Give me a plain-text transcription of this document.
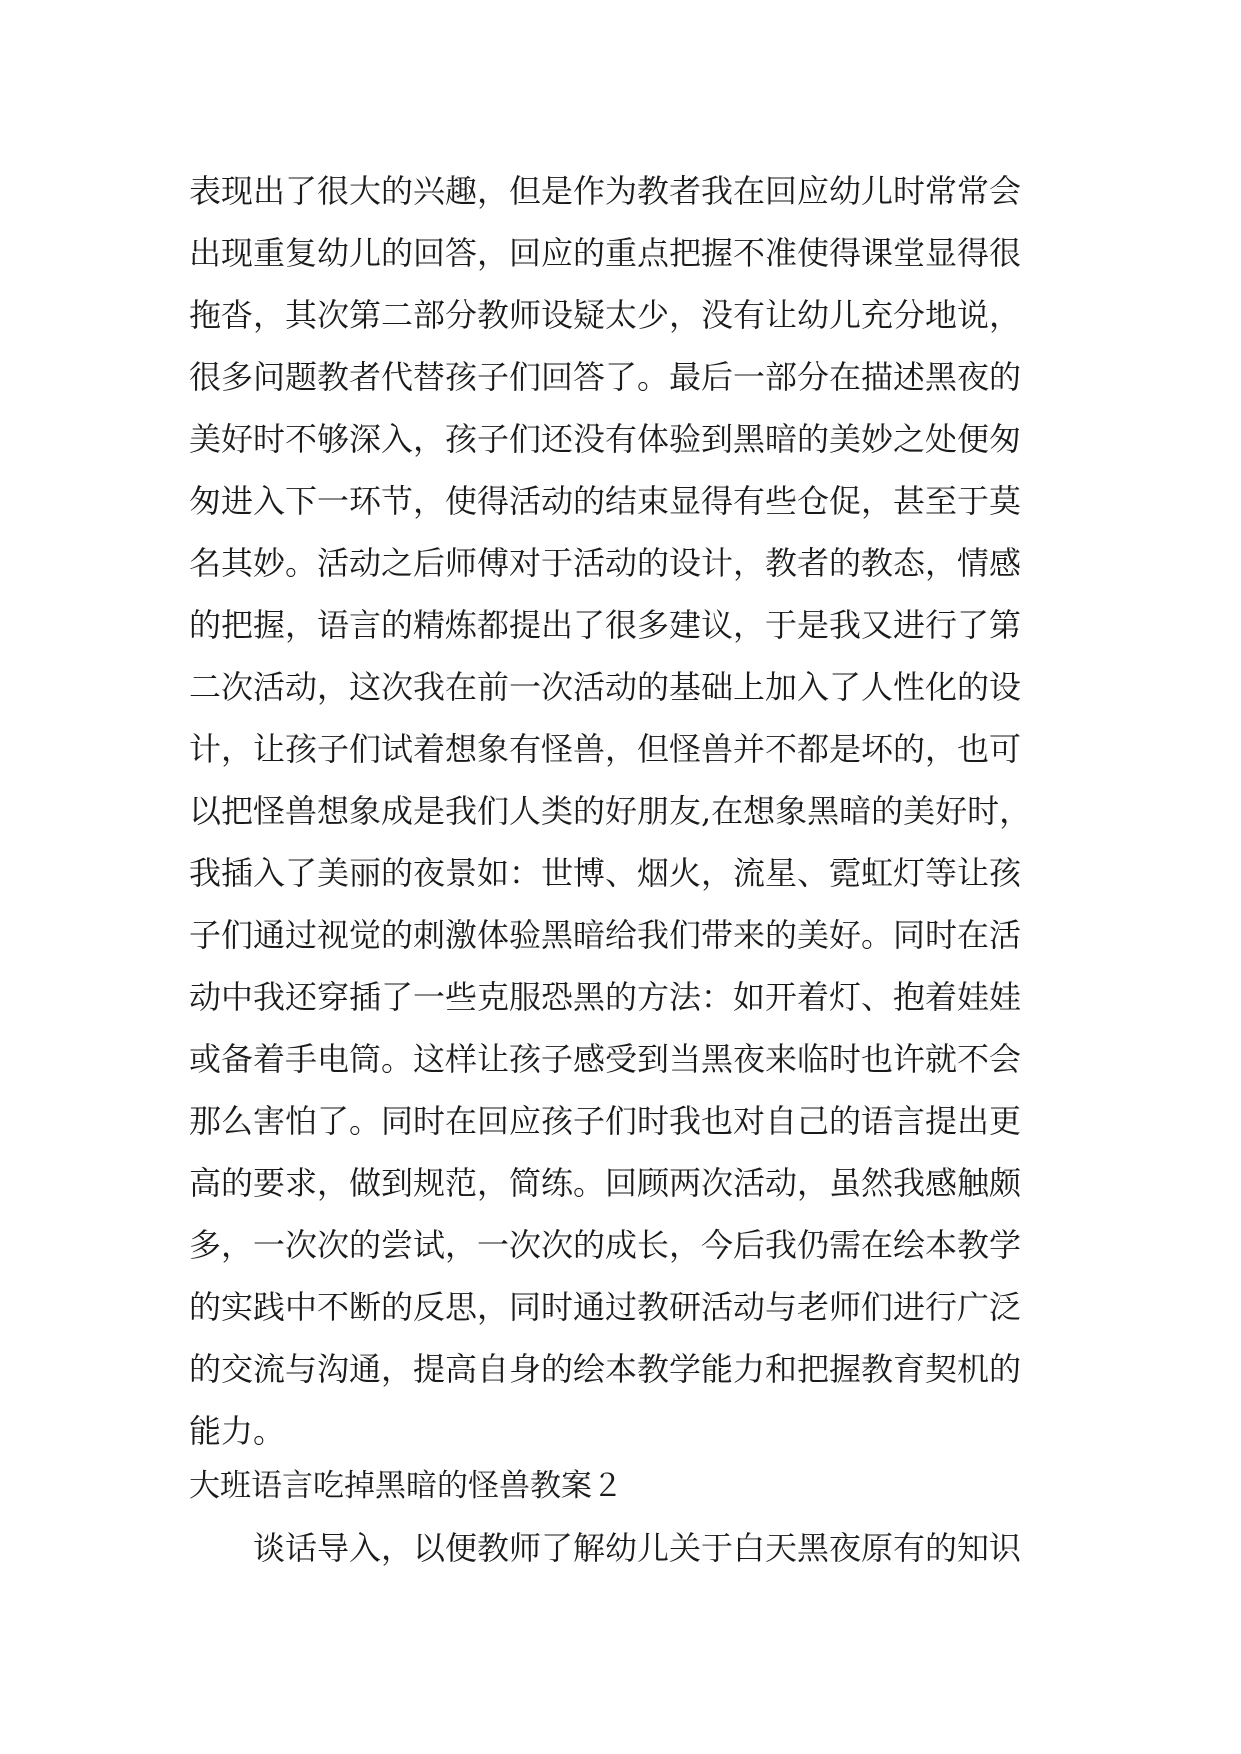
表现出了很大的兴趣，但是作为教者我在回应幼儿时常常会
出现重复幼儿的回答，回应的重点把握不准使得课堂显得很
拖沓，其次第二部分教师设疑太少，没有让幼儿充分地说，
很多问题教者代替孩子们回答了。最后一部分在描述黑夜的
美好时不够深入，孩子们还没有体验到黑暗的美妙之处便匆
匆进入下一环节，使得活动的结束显得有些仓促，甚至于莫
名其妙。活动之后师傅对于活动的设计，教者的教态，情感
的把握，语言的精炼都提出了很多建议，于是我又进行了第
二次活动，这次我在前一次活动的基础上加入了人性化的设
计，让孩子们试着想象有怪兽，但怪兽并不都是坏的，也可
以把怪兽想象成是我们人类的好朋友,在想象黑暗的美好时，
我插入了美丽的夜景如：世博、烟火，流星、霓虹灯等让孩
子们通过视觉的刺激体验黑暗给我们带来的美好。同时在活
动中我还穿插了一些克服恐黑的方法：如开着灯、抱着娃娃
或备着手电筒。这样让孩子感受到当黑夜来临时也许就不会
那么害怕了。同时在回应孩子们时我也对自己的语言提出更
高的要求，做到规范，简练。回顾两次活动，虽然我感触颇
多，一次次的尝试，一次次的成长，今后我仍需在绘本教学
的实践中不断的反思，同时通过教研活动与老师们进行广泛
的交流与沟通，提高自身的绘本教学能力和把握教育契机的
能力。
大班语言吃掉黑暗的怪兽教案２
谈话导入，以便教师了解幼儿关于白天黑夜原有的知识
